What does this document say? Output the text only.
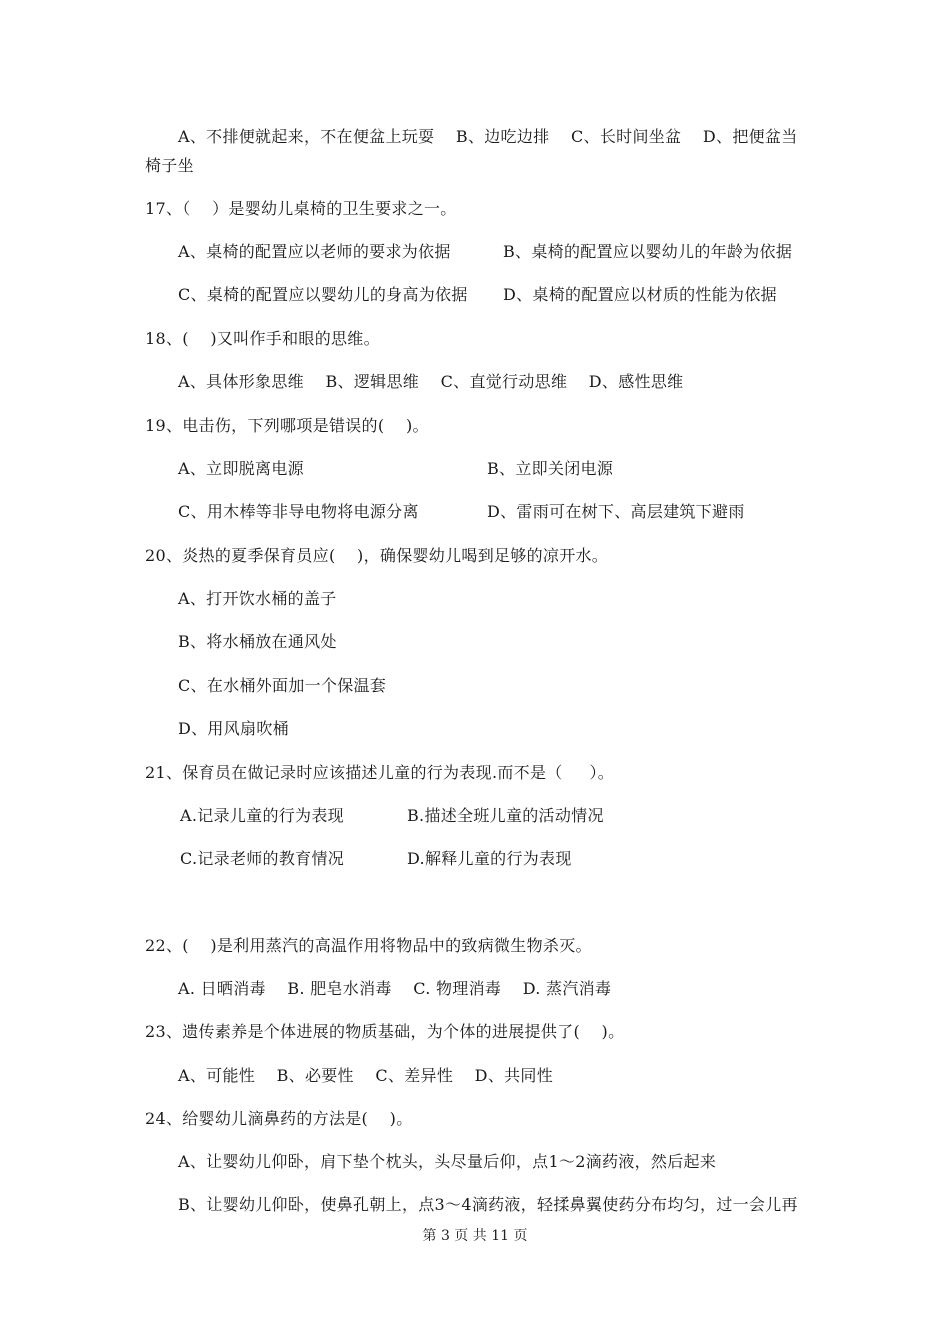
A、不排便就起来，不在便盆上玩耍    B、边吃边排    C、长时间坐盆    D、把便盆当
椅子坐
17、（    ）是婴幼儿桌椅的卫生要求之一。
A、桌椅的配置应以老师的要求为依据	B、桌椅的配置应以婴幼儿的年龄为依据
C、桌椅的配置应以婴幼儿的身高为依据 D、桌椅的配置应以材质的性能为依据
18、(    )又叫作手和眼的思维。
A、具体形象思维    B、逻辑思维    C、直觉行动思维    D、感性思维
19、电击伤，下列哪项是错误的(    )。
A、立即脱离电源	B、立即关闭电源
C、用木棒等非导电物将电源分离	D、雷雨可在树下、高层建筑下避雨
20、炎热的夏季保育员应(    )，确保婴幼儿喝到足够的凉开水。
A、打开饮水桶的盖子
B、将水桶放在通风处
C、在水桶外面加一个保温套
D、用风扇吹桶
21、保育员在做记录时应该描述儿童的行为表现.而不是（     ）。
A.记录儿童的行为表现	B.描述全班儿童的活动情况
C.记录老师的教育情况	D.解释儿童的行为表现
22、(    )是利用蒸汽的高温作用将物品中的致病微生物杀灭。
A. 日晒消毒    B. 肥皂水消毒    C. 物理消毒    D. 蒸汽消毒
23、遗传素养是个体进展的物质基础，为个体的进展提供了(    )。
A、可能性    B、必要性    C、差异性    D、共同性
24、给婴幼儿滴鼻药的方法是(    )。
A、让婴幼儿仰卧，肩下垫个枕头，头尽量后仰，点1～2滴药液，然后起来
B、让婴幼儿仰卧，使鼻孔朝上，点3～4滴药液，轻揉鼻翼使药分布均匀，过一会儿再
第 3 页 共 11 页
